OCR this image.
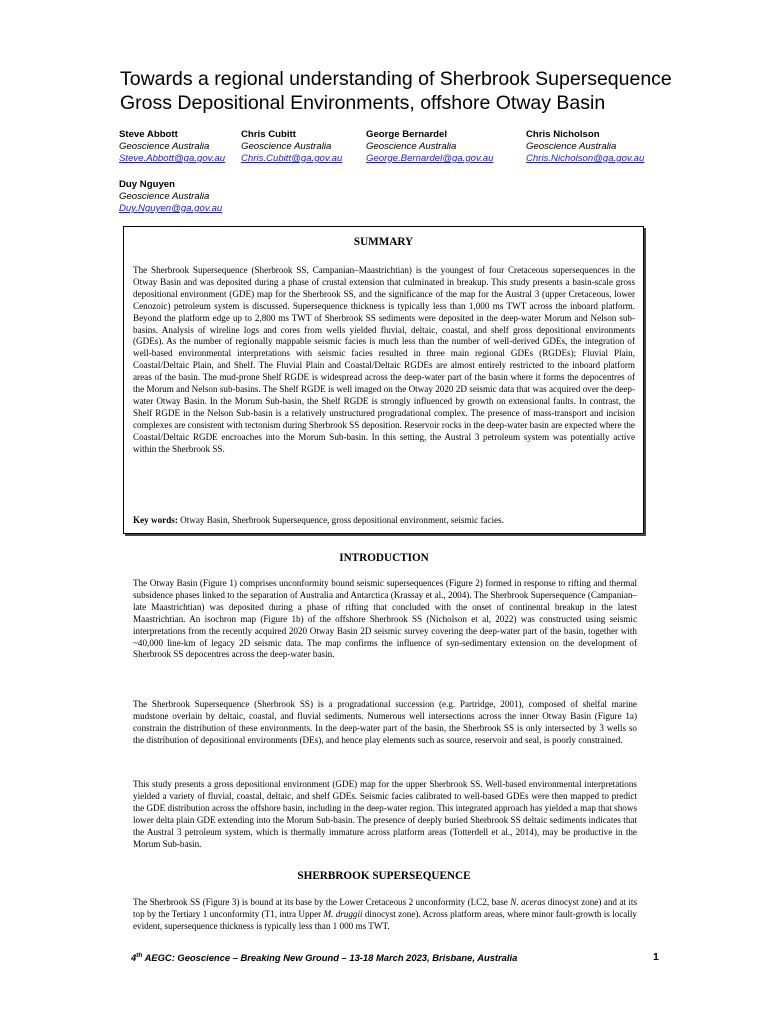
Towards a regional understanding of Sherbrook Supersequence Gross Depositional Environments, offshore Otway Basin
Steve Abbott
Geoscience Australia
Steve.Abbott@ga.gov.au
Chris Cubitt
Geoscience Australia
Chris.Cubitt@ga.gov.au
George Bernardel
Geoscience Australia
George.Bernardel@ga.gov.au
Chris Nicholson
Geoscience Australia
Chris.Nicholson@ga.gov.au
Duy Nguyen
Geoscience Australia
Duy.Nguyen@ga.gov.au
SUMMARY

The Sherbrook Supersequence (Sherbrook SS, Campanian–Maastrichtian) is the youngest of four Cretaceous supersequences in the Otway Basin and was deposited during a phase of crustal extension that culminated in breakup. This study presents a basin-scale gross depositional environment (GDE) map for the Sherbrook SS, and the significance of the map for the Austral 3 (upper Cretaceous, lower Cenozoic) petroleum system is discussed. Supersequence thickness is typically less than 1,000 ms TWT across the inboard platform. Beyond the platform edge up to 2,800 ms TWT of Sherbrook SS sediments were deposited in the deep-water Morum and Nelson sub-basins. Analysis of wireline logs and cores from wells yielded fluvial, deltaic, coastal, and shelf gross depositional environments (GDEs). As the number of regionally mappable seismic facies is much less than the number of well-derived GDEs, the integration of well-based environmental interpretations with seismic facies resulted in three main regional GDEs (RGDEs); Fluvial Plain, Coastal/Deltaic Plain, and Shelf. The Fluvial Plain and Coastal/Deltaic RGDEs are almost entirely restricted to the inboard platform areas of the basin. The mud-prone Shelf RGDE is widespread across the deep-water part of the basin where it forms the depocentres of the Morum and Nelson sub-basins. The Shelf RGDE is well imaged on the Otway 2020 2D seismic data that was acquired over the deep-water Otway Basin. In the Morum Sub-basin, the Shelf RGDE is strongly influenced by growth on extensional faults. In contrast, the Shelf RGDE in the Nelson Sub-basin is a relatively unstructured progradational complex. The presence of mass-transport and incision complexes are consistent with tectonism during Sherbrook SS deposition. Reservoir rocks in the deep-water basin are expected where the Coastal/Deltaic RGDE encroaches into the Morum Sub-basin. In this setting, the Austral 3 petroleum system was potentially active within the Sherbrook SS.

Key words: Otway Basin, Sherbrook Supersequence, gross depositional environment, seismic facies.

INTRODUCTION

The Otway Basin (Figure 1) comprises unconformity bound seismic supersequences (Figure 2) formed in response to rifting and thermal subsidence phases linked to the separation of Australia and Antarctica (Krassay et al., 2004). The Sherbrook Supersequence (Campanian–late Maastrichtian) was deposited during a phase of rifting that concluded with the onset of continental breakup in the latest Maastrichtian. An isochron map (Figure 1b) of the offshore Sherbrook SS (Nicholson et al, 2022) was constructed using seismic interpretations from the recently acquired 2020 Otway Basin 2D seismic survey covering the deep-water part of the basin, together with ~40,000 line-km of legacy 2D seismic data. The map confirms the influence of syn-sedimentary extension on the development of Sherbrook SS depocentres across the deep-water basin.

The Sherbrook Supersequence (Sherbrook SS) is a progradational succession (e.g. Partridge, 2001), composed of shelfal marine mudstone overlain by deltaic, coastal, and fluvial sediments. Numerous well intersections across the inner Otway Basin (Figure 1a) constrain the distribution of these environments. In the deep-water part of the basin, the Sherbrook SS is only intersected by 3 wells so the distribution of depositional environments (DEs), and hence play elements such as source, reservoir and seal, is poorly constrained.

This study presents a gross depositional environment (GDE) map for the upper Sherbrook SS. Well-based environmental interpretations yielded a variety of fluvial, coastal, deltaic, and shelf GDEs. Seismic facies calibrated to well-based GDEs were then mapped to predict the GDE distribution across the offshore basin, including in the deep-water region. This integrated approach has yielded a map that shows lower delta plain GDE extending into the Morum Sub-basin. The presence of deeply buried Sherbrook SS deltaic sediments indicates that the Austral 3 petroleum system, which is thermally immature across platform areas (Totterdell et al., 2014), may be productive in the Morum Sub-basin.

SHERBROOK SUPERSEQUENCE

The Sherbrook SS (Figure 3) is bound at its base by the Lower Cretaceous 2 unconformity (LC2, base N. aceras dinocyst zone) and at its top by the Tertiary 1 unconformity (T1, intra Upper M. druggii dinocyst zone). Across platform areas, where minor fault-growth is locally evident, supersequence thickness is typically less than 1 000 ms TWT.

4th AEGC: Geoscience – Breaking New Ground – 13-18 March 2023, Brisbane, Australia	1
